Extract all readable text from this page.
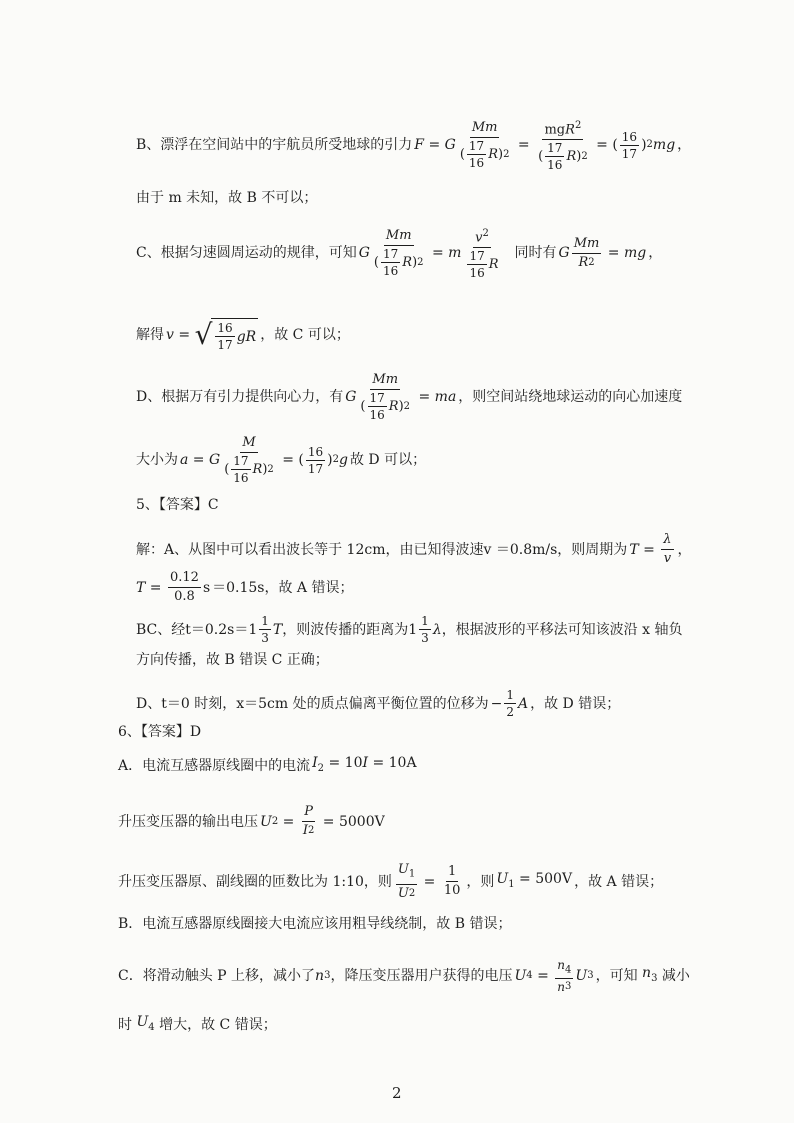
B、漂浮在空间站中的宇航员所受地球的引力 F = G
Mm
(
17
16
R ) 2
=
mgR$^2$
(
17
16
R ) 2
= (
16
17
) 2 mg ，
由于 m 未知，故 B 不可以；
C、根据匀速圆周运动的规律，可知 G
Mm
(
17
16
R ) 2
= m
$v^2$
17
16
R
同时有 G
Mm
R 2
= mg ，
解得 v = √ 16
17
gR ，故 C 可以；
D、根据万有引力提供向心力，有 G
Mm
(
17
16
R ) 2
= ma ，则空间站绕地球运动的向心加速度
大小为 a = G
M
(
17
16
R ) 2
= (
16
17
) 2 g 故 D 可以；
5、【答案】C
解：A、从图中可以看出波长等于 12cm，由已知得波速 v ＝0.8m/s，则周期为 T =
λ
v
，
T =
0.12
0.8
s ＝0.15s，故 A 错误；
BC、经 t＝0.2s＝ 1
1
3
T ，则波传播的距离为 1
1
3
λ ，根据波形的平移法可知该波沿 x 轴负
方向传播，故 B 错误 C 正确；
D、 t＝0 时刻， x＝5cm 处的质点偏离平衡位置的位移为 −
1
2
A ，故 D 错误；
6、【答案】D
A．电流互感器原线圈中的电流 $I_2 = 10I = 10A$
升压变压器的输出电压 U 2 =
P
I 2
= 5000V
升压变压器原、副线圈的匝数比为 1:10，则
$U_1$
U 2
=
1
10
，则 $U_1 = 500V$ ，故 A 错误；
B．电流互感器原线圈接大电流应该用粗导线绕制，故 B 错误；
C．将滑动触头 P 上移，减小了 n 3 ，降压变压器用户获得的电压 U 4 =
$n_4$
n 3
U 3 ，可知 $n_3$ 减小
时 $U_4$ 增大，故 C 错误；
2
